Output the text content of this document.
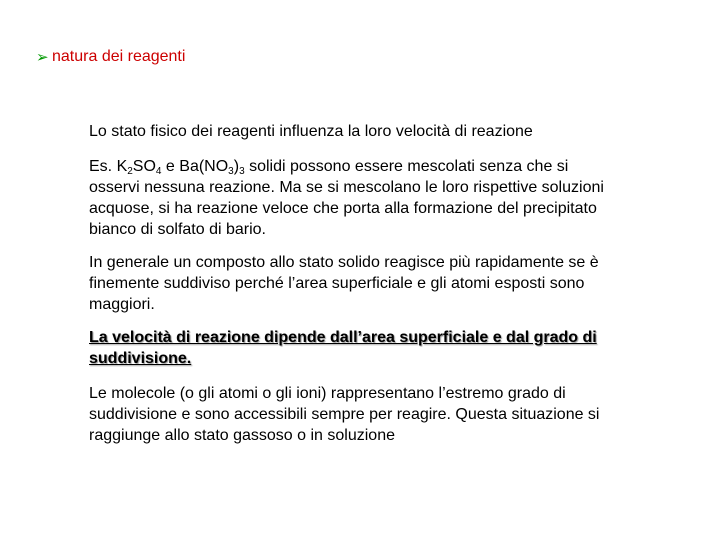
➢ natura dei reagenti

Lo stato fisico dei reagenti influenza la loro velocità di reazione

Es. $K_2SO_4$ e $Ba(NO_3)_3$ solidi possono essere mescolati senza che si osservi nessuna reazione. Ma se si mescolano le loro rispettive soluzioni acquose, si ha reazione veloce che porta alla formazione del precipitato bianco di solfato di bario.

In generale un composto allo stato solido reagisce più rapidamente se è finemente suddiviso perché l’area superficiale e gli atomi esposti sono maggiori.

La velocità di reazione dipende dall’area superficiale e dal grado di suddivisione.

Le molecole (o gli atomi o gli ioni) rappresentano l’estremo grado di suddivisione e sono accessibili sempre per reagire. Questa situazione si raggiunge allo stato gassoso o in soluzione
